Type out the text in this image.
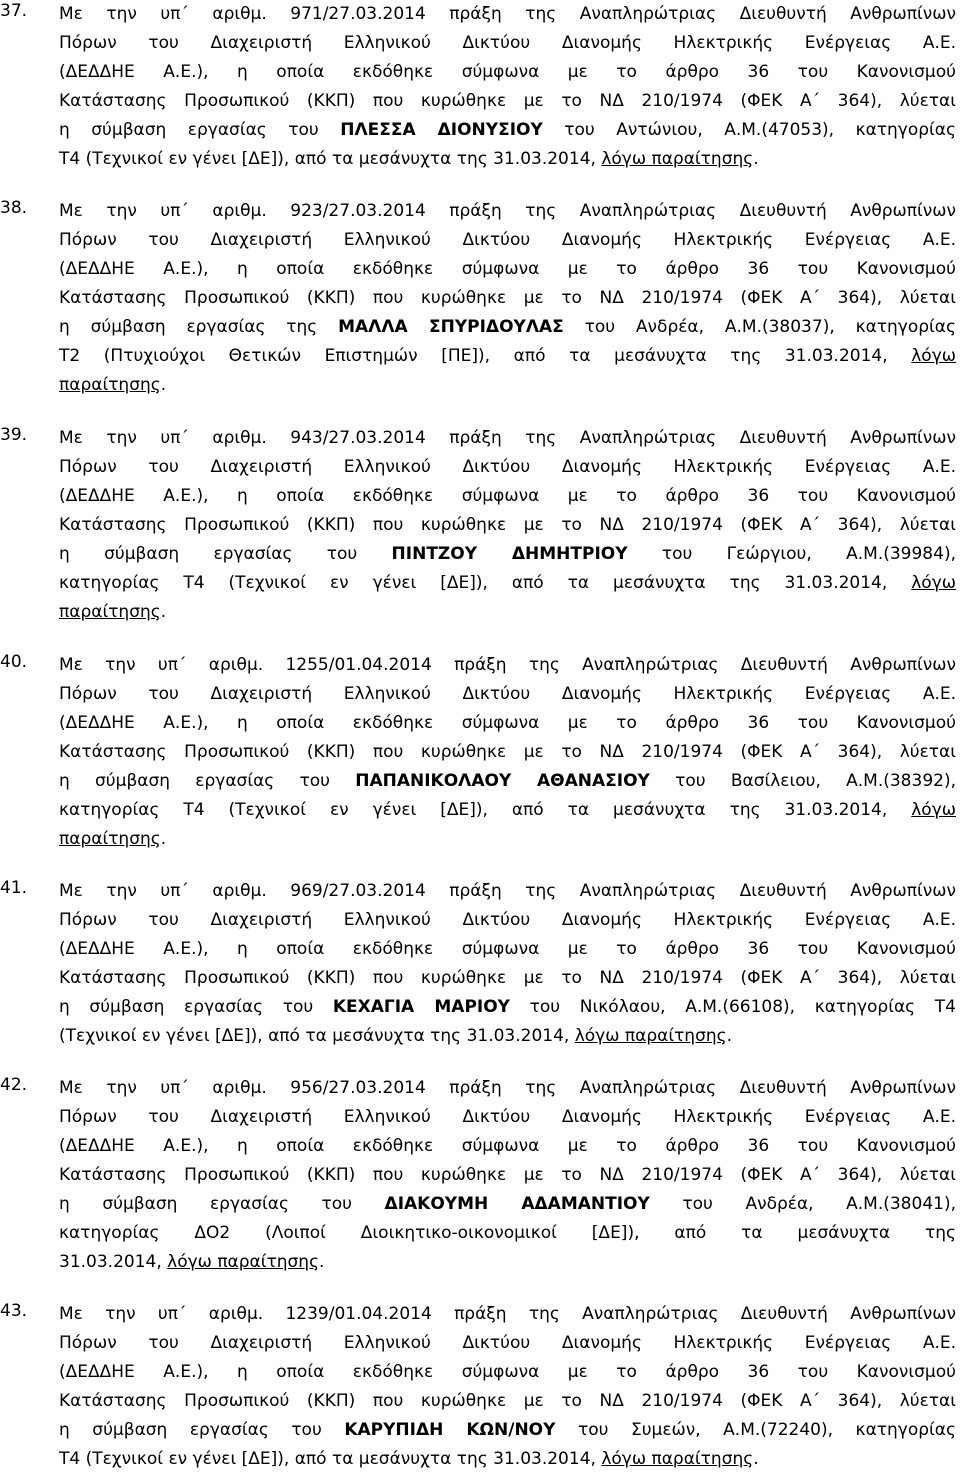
37. Με την υπ΄ αριθμ. 971/27.03.2014 πράξη της Αναπληρώτριας Διευθυντή Ανθρωπίνων
Πόρων του Διαχειριστή Ελληνικού Δικτύου Διανομής Ηλεκτρικής Ενέργειας Α.Ε.
(ΔΕΔΔΗΕ Α.Ε.), η οποία εκδόθηκε σύμφωνα με το άρθρο 36 του Κανονισμού
Κατάστασης Προσωπικού (ΚΚΠ) που κυρώθηκε με το ΝΔ 210/1974 (ΦΕΚ Α΄ 364), λύεται
η σύμβαση εργασίας του ΠΛΕΣΣΑ ΔΙΟΝΥΣΙΟΥ του Αντώνιου, Α.Μ.(47053), κατηγορίας
Τ4 (Τεχνικοί εν γένει [ΔΕ]), από τα μεσάνυχτα της 31.03.2014, λόγω παραίτησης.
38. Με την υπ΄ αριθμ. 923/27.03.2014 πράξη της Αναπληρώτριας Διευθυντή Ανθρωπίνων
Πόρων του Διαχειριστή Ελληνικού Δικτύου Διανομής Ηλεκτρικής Ενέργειας Α.Ε.
(ΔΕΔΔΗΕ Α.Ε.), η οποία εκδόθηκε σύμφωνα με το άρθρο 36 του Κανονισμού
Κατάστασης Προσωπικού (ΚΚΠ) που κυρώθηκε με το ΝΔ 210/1974 (ΦΕΚ Α΄ 364), λύεται
η σύμβαση εργασίας της ΜΑΛΛΑ ΣΠΥΡΙΔΟΥΛΑΣ του Ανδρέα, Α.Μ.(38037), κατηγορίας
Τ2 (Πτυχιούχοι Θετικών Επιστημών [ΠΕ]), από τα μεσάνυχτα της 31.03.2014, λόγω
παραίτησης.
39. Με την υπ΄ αριθμ. 943/27.03.2014 πράξη της Αναπληρώτριας Διευθυντή Ανθρωπίνων
Πόρων του Διαχειριστή Ελληνικού Δικτύου Διανομής Ηλεκτρικής Ενέργειας Α.Ε.
(ΔΕΔΔΗΕ Α.Ε.), η οποία εκδόθηκε σύμφωνα με το άρθρο 36 του Κανονισμού
Κατάστασης Προσωπικού (ΚΚΠ) που κυρώθηκε με το ΝΔ 210/1974 (ΦΕΚ Α΄ 364), λύεται
η σύμβαση εργασίας του ΠΙΝΤΖΟΥ ΔΗΜΗΤΡΙΟΥ του Γεώργιου, Α.Μ.(39984),
κατηγορίας Τ4 (Τεχνικοί εν γένει [ΔΕ]), από τα μεσάνυχτα της 31.03.2014, λόγω
παραίτησης.
40. Με την υπ΄ αριθμ. 1255/01.04.2014 πράξη της Αναπληρώτριας Διευθυντή Ανθρωπίνων
Πόρων του Διαχειριστή Ελληνικού Δικτύου Διανομής Ηλεκτρικής Ενέργειας Α.Ε.
(ΔΕΔΔΗΕ Α.Ε.), η οποία εκδόθηκε σύμφωνα με το άρθρο 36 του Κανονισμού
Κατάστασης Προσωπικού (ΚΚΠ) που κυρώθηκε με το ΝΔ 210/1974 (ΦΕΚ Α΄ 364), λύεται
η σύμβαση εργασίας του ΠΑΠΑΝΙΚΟΛΑΟΥ ΑΘΑΝΑΣΙΟΥ του Βασίλειου, Α.Μ.(38392),
κατηγορίας Τ4 (Τεχνικοί εν γένει [ΔΕ]), από τα μεσάνυχτα της 31.03.2014, λόγω
παραίτησης.
41. Με την υπ΄ αριθμ. 969/27.03.2014 πράξη της Αναπληρώτριας Διευθυντή Ανθρωπίνων
Πόρων του Διαχειριστή Ελληνικού Δικτύου Διανομής Ηλεκτρικής Ενέργειας Α.Ε.
(ΔΕΔΔΗΕ Α.Ε.), η οποία εκδόθηκε σύμφωνα με το άρθρο 36 του Κανονισμού
Κατάστασης Προσωπικού (ΚΚΠ) που κυρώθηκε με το ΝΔ 210/1974 (ΦΕΚ Α΄ 364), λύεται
η σύμβαση εργασίας του ΚΕΧΑΓΙΑ ΜΑΡΙΟΥ του Νικόλαου, Α.Μ.(66108), κατηγορίας Τ4
(Τεχνικοί εν γένει [ΔΕ]), από τα μεσάνυχτα της 31.03.2014, λόγω παραίτησης.
42. Με την υπ΄ αριθμ. 956/27.03.2014 πράξη της Αναπληρώτριας Διευθυντή Ανθρωπίνων
Πόρων του Διαχειριστή Ελληνικού Δικτύου Διανομής Ηλεκτρικής Ενέργειας Α.Ε.
(ΔΕΔΔΗΕ Α.Ε.), η οποία εκδόθηκε σύμφωνα με το άρθρο 36 του Κανονισμού
Κατάστασης Προσωπικού (ΚΚΠ) που κυρώθηκε με το ΝΔ 210/1974 (ΦΕΚ Α΄ 364), λύεται
η σύμβαση εργασίας του ΔΙΑΚΟΥΜΗ ΑΔΑΜΑΝΤΙΟΥ του Ανδρέα, Α.Μ.(38041),
κατηγορίας ΔΟ2 (Λοιποί Διοικητικο-οικονομικοί [ΔΕ]), από τα μεσάνυχτα της
31.03.2014, λόγω παραίτησης.
43. Με την υπ΄ αριθμ. 1239/01.04.2014 πράξη της Αναπληρώτριας Διευθυντή Ανθρωπίνων
Πόρων του Διαχειριστή Ελληνικού Δικτύου Διανομής Ηλεκτρικής Ενέργειας Α.Ε.
(ΔΕΔΔΗΕ Α.Ε.), η οποία εκδόθηκε σύμφωνα με το άρθρο 36 του Κανονισμού
Κατάστασης Προσωπικού (ΚΚΠ) που κυρώθηκε με το ΝΔ 210/1974 (ΦΕΚ Α΄ 364), λύεται
η σύμβαση εργασίας του ΚΑΡΥΠΙΔΗ ΚΩΝ/ΝΟΥ του Συμεών, Α.Μ.(72240), κατηγορίας
Τ4 (Τεχνικοί εν γένει [ΔΕ]), από τα μεσάνυχτα της 31.03.2014, λόγω παραίτησης.
